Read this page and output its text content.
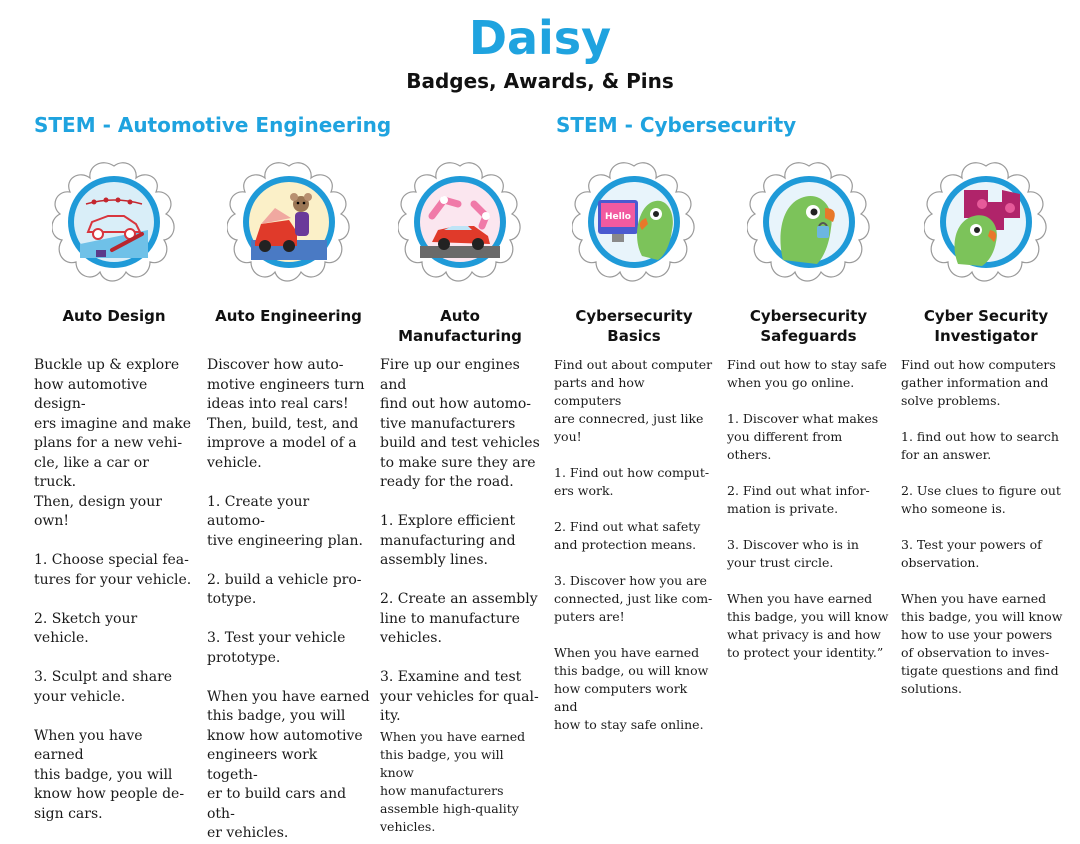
Daisy
Badges, Awards, & Pins
STEM - Automotive Engineering	STEM - Cybersecurity
Auto Design
Buckle up & explore
how automotive design-
ers imagine and make
plans for a new vehi-
cle, like a car or truck.
Then, design your own!

1. Choose special fea-
tures for your vehicle.

2. Sketch your vehicle.

3. Sculpt and share
your vehicle.

When you have earned
this badge, you will
know how people de-
sign cars.
Auto Engineering
Discover how auto-
motive engineers turn
ideas into real cars!
Then, build, test, and
improve a model of a
vehicle.

1. Create your automo-
tive engineering plan.

2. build a vehicle pro-
totype.

3. Test your vehicle
prototype.

When you have earned
this badge, you will
know how automotive
engineers work togeth-
er to build cars and oth-
er vehicles.
Auto Manufacturing
Fire up our engines and
find out how automo-
tive manufacturers
build and test vehicles
to make sure they are
ready for the road.

1. Explore efficient
manufacturing and
assembly lines.

2. Create an assembly
line to manufacture
vehicles.

3. Examine and test
your vehicles for qual-
ity.
When you have earned
this badge, you will know
how manufacturers
assemble high-quality
vehicles.
Hello
Cybersecurity Basics
Find out about computer
parts and how computers
are connecred, just like
you!

1. Find out how comput-
ers work.

2. Find out what safety
and protection means.

3. Discover how you are
connected, just like com-
puters are!

When you have earned
this badge, ou will know
how computers work and
how to stay safe online.
Cybersecurity Safeguards
Find out how to stay safe
when you go online.

1. Discover what makes
you different from others.

2. Find out what infor-
mation is private.

3. Discover who is in
your trust circle.

When you have earned
this badge, you will know
what privacy is and how
to protect your identity.”
Cyber Security Investigator
Find out how computers
gather information and
solve problems.

1. find out how to search
for an answer.

2. Use clues to figure out
who someone is.

3. Test your powers of
observation.

When you have earned
this badge, you will know
how to use your powers
of observation to inves-
tigate questions and find
solutions.
